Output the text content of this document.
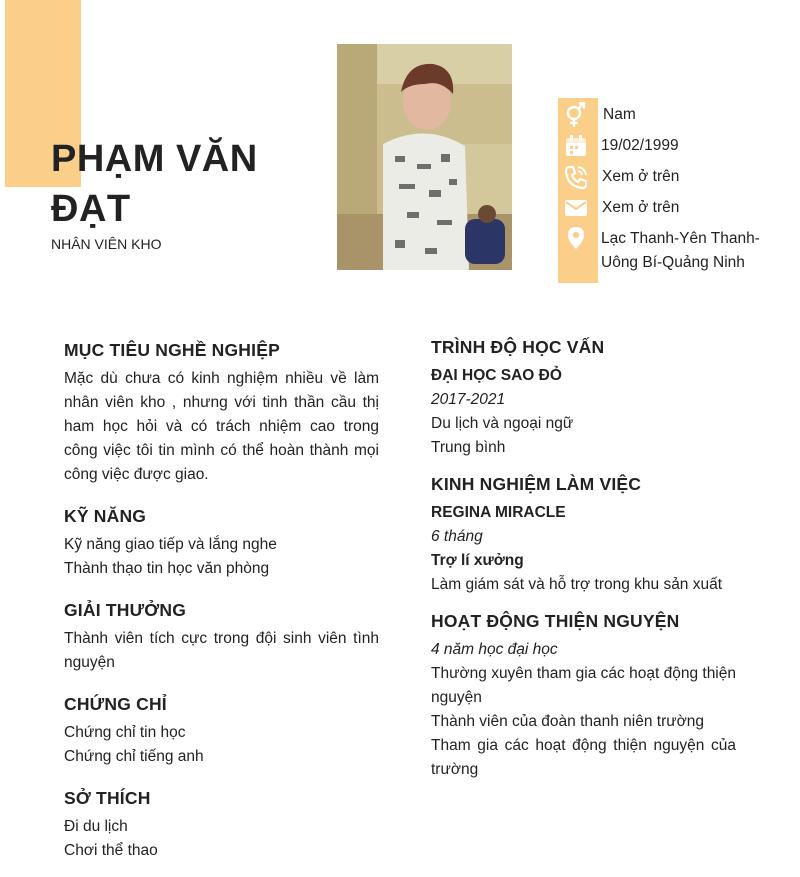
PHẠM VĂN
ĐẠT
NHÂN VIÊN KHO
Nam
19/02/1999
Xem ở trên
Xem ở trên
Lạc Thanh-Yên Thanh-Uông Bí-Quảng Ninh

MỤC TIÊU NGHỀ NGHIỆP

Mặc dù chưa có kinh nghiệm nhiều về làm nhân viên kho , nhưng với tinh thần cầu thị ham học hỏi và có trách nhiệm cao trong công việc tôi tin mình có thể hoàn thành mọi công việc được giao.

KỸ NĂNG

Kỹ năng giao tiếp và lắng nghe

Thành thạo tin học văn phòng

GIẢI THƯỞNG

Thành viên tích cực trong đội sinh viên tình nguyện

CHỨNG CHỈ

Chứng chỉ tin học

Chứng chỉ tiếng anh

SỞ THÍCH

Đi du lịch

Chơi thể thao

TRÌNH ĐỘ HỌC VẤN

ĐẠI HỌC SAO ĐỎ

2017-2021

Du lịch và ngoại ngữ

Trung bình

KINH NGHIỆM LÀM VIỆC

REGINA MIRACLE

6 tháng

Trợ lí xưởng

Làm giám sát và hỗ trợ trong khu sản xuất

HOẠT ĐỘNG THIỆN NGUYỆN

4 năm học đại học

Thường xuyên tham gia các hoạt động thiện nguyện

Thành viên của đoàn thanh niên trường

Tham gia các hoạt động thiện nguyện của trường
